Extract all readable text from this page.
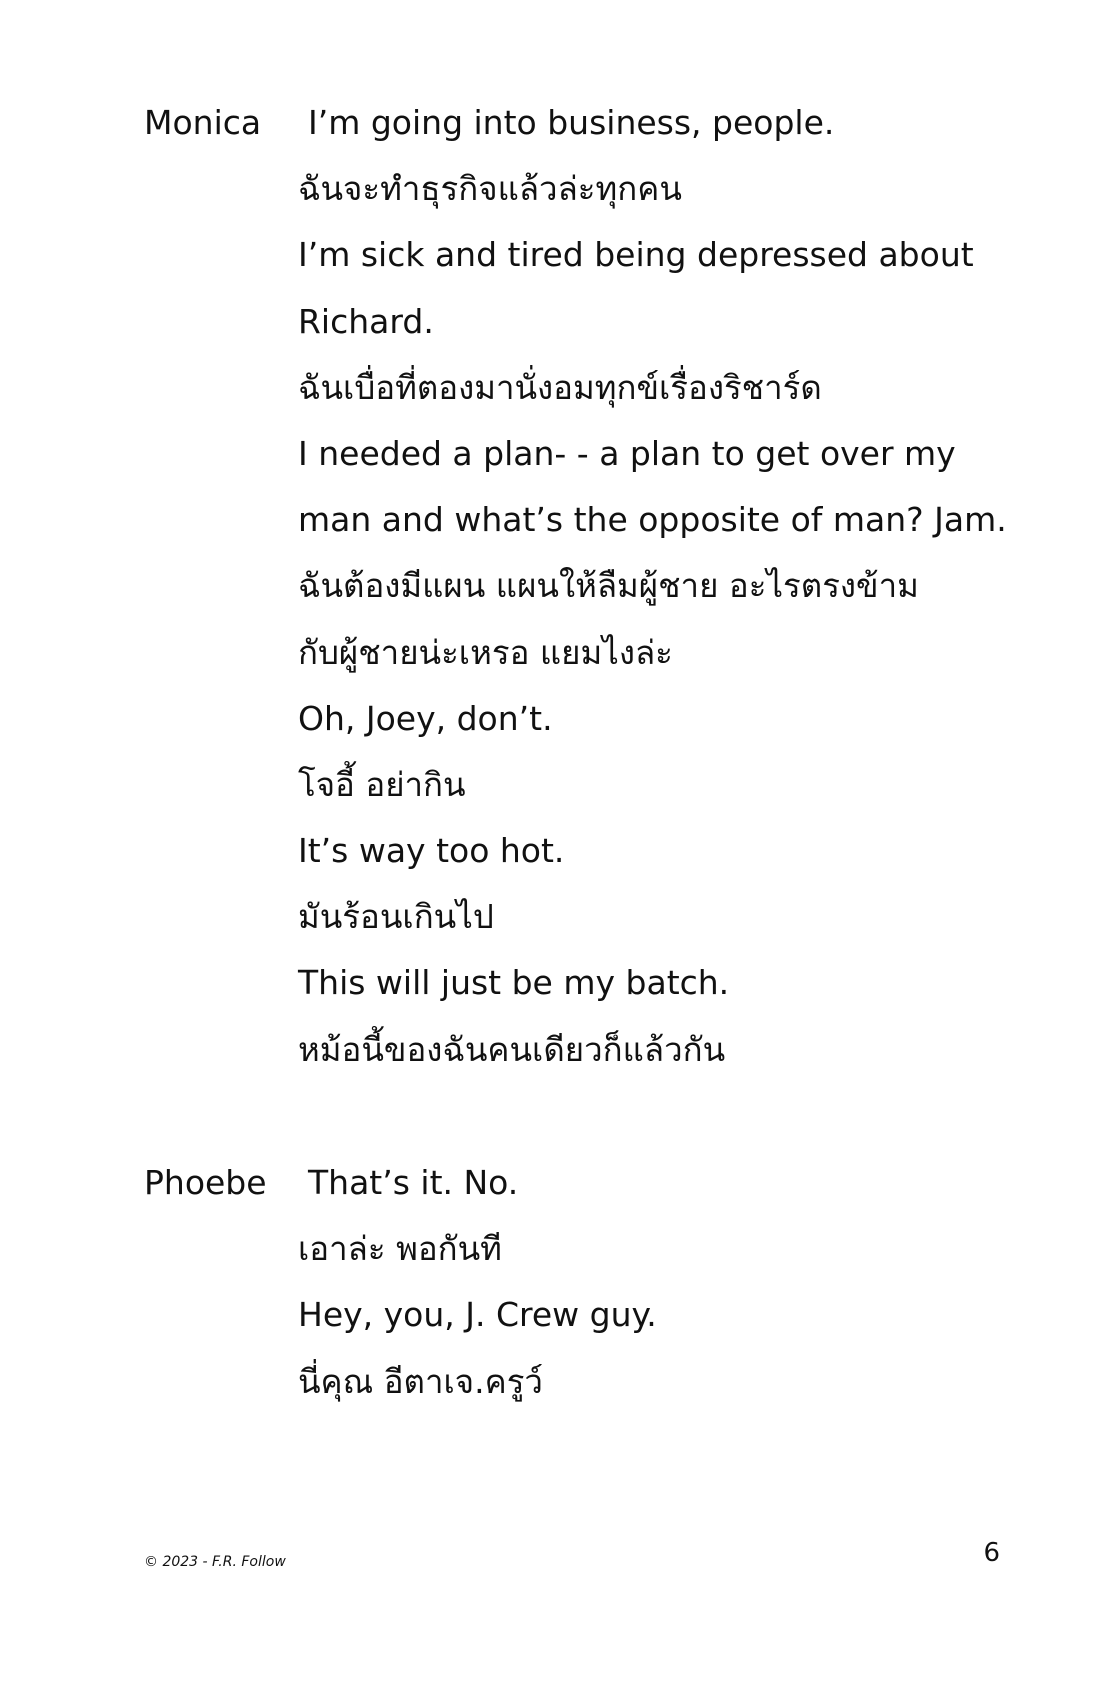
Monica	I’m going into business, people.
ฉันจะทำธุรกิจแล้วล่ะทุกคน
I’m sick and tired being depressed about
Richard.
ฉันเบื่อที่ตองมานั่งอมทุกข์เรื่องริชาร์ด
I needed a plan- - a plan to get over my
man and what’s the opposite of man? Jam.
ฉันต้องมีแผน แผนให้ลืมผู้ชาย อะไรตรงข้าม
กับผู้ชายน่ะเหรอ แยมไงล่ะ
Oh, Joey, don’t.
โจอี้ อย่ากิน
It’s way too hot.
มันร้อนเกินไป
This will just be my batch.
หม้อนี้ของฉันคนเดียวก็แล้วกัน
Phoebe	That’s it. No.
เอาล่ะ พอกันที
Hey, you, J. Crew guy.
นี่คุณ อีตาเจ.ครูว์
© 2023 - F.R. Follow	6
